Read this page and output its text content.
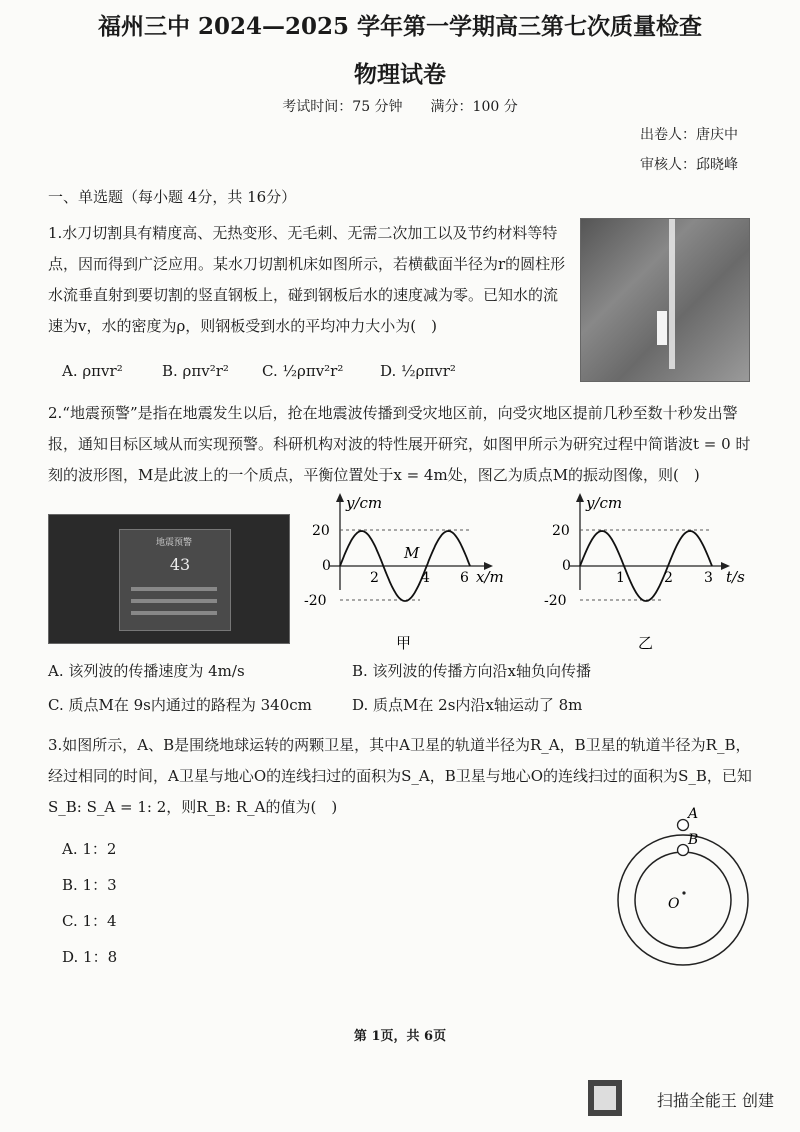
福州三中 2024—2025 学年第一学期高三第七次质量检查
物理试卷
考试时间：75 分钟　　满分：100 分
出卷人：唐庆中
审核人：邱晓峰
一、单选题（每小题 4分，共 16分）
1.水刀切割具有精度高、无热变形、无毛刺、无需二次加工以及节约材料等特点，因而得到广泛应用。某水刀切割机床如图所示，若横截面半径为r的圆柱形水流垂直射到要切割的竖直钢板上，碰到钢板后水的速度减为零。已知水的流速为v，水的密度为ρ，则钢板受到水的平均冲力大小为(　)
A. ρπvr²	B. ρπv²r² C. ½ρπv²r² D. ½ρπvr²
2.“地震预警”是指在地震发生以后，抢在地震波传播到受灾地区前，向受灾地区提前几秒至数十秒发出警报，通知目标区域从而实现预警。科研机构对波的特性展开研究，如图甲所示为研究过程中简谐波t = 0 时刻的波形图，M是此波上的一个质点，平衡位置处于x = 4m处，图乙为质点M的振动图像，则(　)
地震预警
43
y/cm
x/m
20
0
-20
2	4 6
M
甲
y/cm
t/s
20
0
-20
1	2 3
乙
A. 该列波的传播速度为 4m/s	B. 该列波的传播方向沿x轴负向传播
C. 质点M在 9s内通过的路程为 340cm	D. 质点M在 2s内沿x轴运动了 8m
3.如图所示，A、B是围绕地球运转的两颗卫星，其中A卫星的轨道半径为R_A，B卫星的轨道半径为R_B，经过相同的时间，A卫星与地心O的连线扫过的面积为S_A，B卫星与地心O的连线扫过的面积为S_B，已知S_B: S_A = 1: 2，则R_B: R_A的值为(　)
A. 1：2
B. 1：3
C. 1：4
D. 1：8
A
B
O
第 1页，共 6页
扫描全能王 创建
